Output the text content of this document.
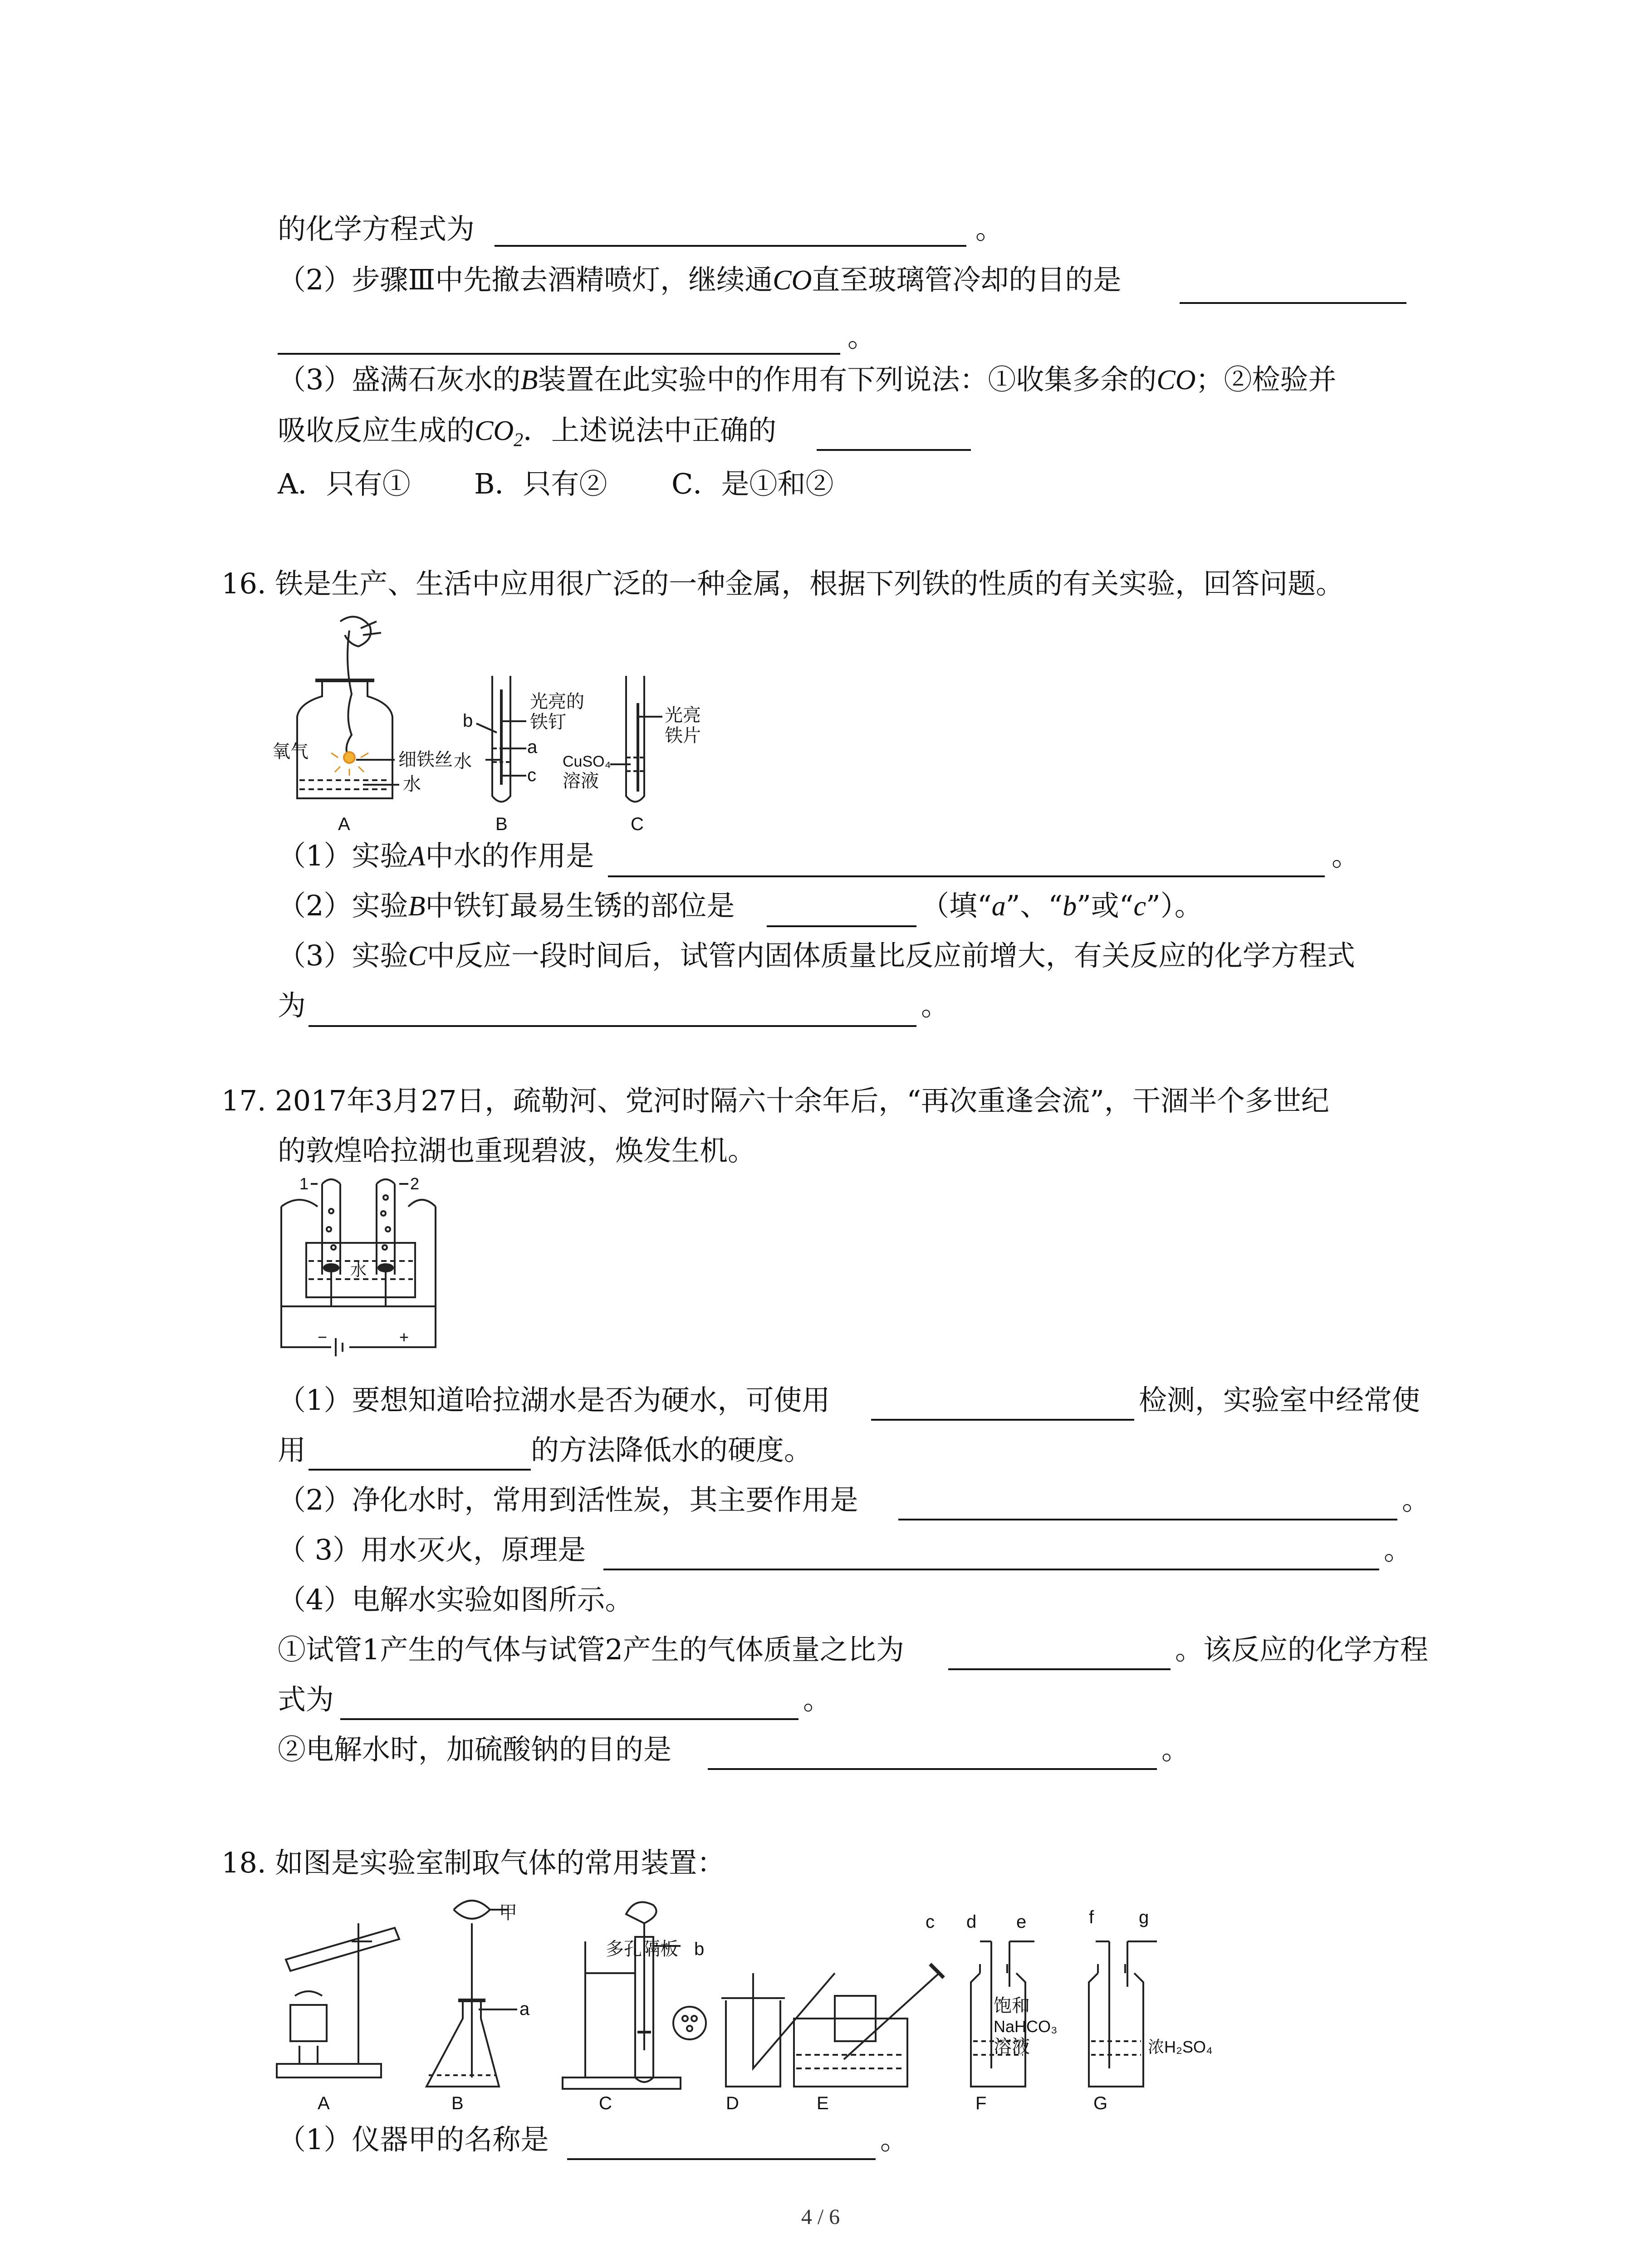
的化学方程式为	。
（2）步骤Ⅲ中先撤去酒精喷灯，继续通CO直至玻璃管冷却的目的是
。
（3）盛满石灰水的B装置在此实验中的作用有下列说法：①收集多余的CO；②检验并
吸收反应生成的$CO_2$．上述说法中正确的
A．只有① B．只有② C．是①和②
16. 铁是生产、生活中应用很广泛的一种金属，根据下列铁的性质的有关实验，回答问题。
氧气	细铁丝
水
b
a
c
光亮的
铁钉
水	CuSO₄
溶液
光亮
铁片
A	B	C
（1）实验A中水的作用是	。
（2）实验B中铁钉最易生锈的部位是	（填“a”、“b”或“c”）。
（3）实验C中反应一段时间后，试管内固体质量比反应前增大，有关反应的化学方程式
为	。
17. 2017年3月27日，疏勒河、党河时隔六十余年后，“再次重逢会流”，干涸半个多世纪
的敦煌哈拉湖也重现碧波，焕发生机。
1	2
水
−	+
（1）要想知道哈拉湖水是否为硬水，可使用	检测，实验室中经常使
用	的方法降低水的硬度。
（2）净化水时，常用到活性炭，其主要作用是	。
（ 3）用水灭火，原理是	。
（4）电解水实验如图所示。
①试管1产生的气体与试管2产生的气体质量之比为	。该反应的化学方程
式为	。
②电解水时，加硫酸钠的目的是	。
18. 如图是实验室制取气体的常用装置：
甲
a
多孔隔板 b
c d e	f g
饱和
NaHCO₃
溶液	浓H₂SO₄
A	B	C	D	E	F	G
（1）仪器甲的名称是	。
4 / 6
